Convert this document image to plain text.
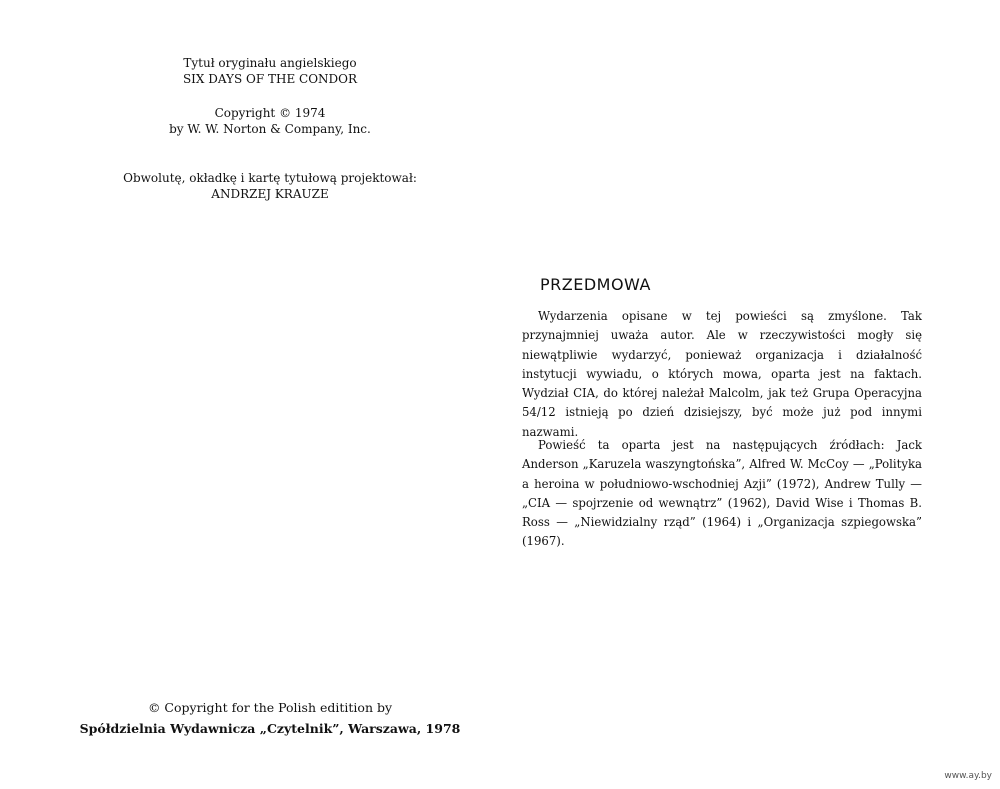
Tytuł oryginału angielskiego
SIX DAYS OF THE CONDOR
Copyright © 1974
by W. W. Norton & Company, Inc.
Obwolutę, okładkę i kartę tytułową projektował:
ANDRZEJ KRAUZE
© Copyright for the Polish editition by
Spółdzielnia Wydawnicza „Czytelnik”, Warszawa, 1978
PRZEDMOWA

Wydarzenia opisane w tej powieści są zmyślone. Tak przynajmniej uważa autor. Ale w rzeczywistości mogły się niewątpliwie wydarzyć, ponieważ organizacja i działalność instytucji wywiadu, o których mowa, oparta jest na faktach. Wydział CIA, do której należał Malcolm, jak też Grupa Operacyjna 54/12 istnieją po dzień dzisiejszy, być może już pod innymi nazwami.

Powieść ta oparta jest na następujących źródłach: Jack Anderson „Karuzela waszyngtońska”, Alfred W. McCoy — „Polityka a heroina w południowo-wschodniej Azji” (1972), Andrew Tully — „CIA — spojrzenie od wewnątrz” (1962), David Wise i Thomas B. Ross — „Niewidzialny rząd” (1964) i „Organizacja szpiegowska” (1967).

www.ay.by
